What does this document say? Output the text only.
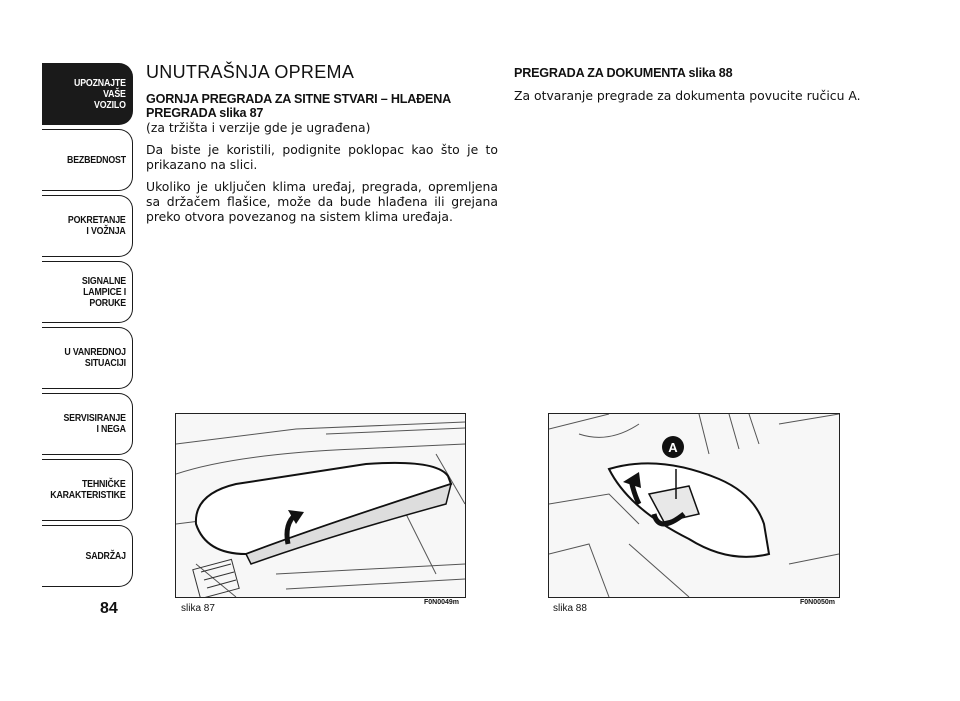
UPOZNAJTE
VAŠE
VOZILO
BEZBEDNOST
POKRETANJE
I VOŽNJA
SIGNALNE
LAMPICE I PORUKE
U VANREDNOJ
SITUACIJI
SERVISIRANJE
I NEGA
TEHNIČKE
KARAKTERISTIKE
SADRŽAJ
84
UNUTRAŠNJA OPREMA
GORNJA PREGRADA ZA SITNE STVARI – HLAĐENA PREGRADA slika 87

(za tržišta i verzije gde je ugrađena)

Da biste je koristili, podignite poklopac kao što je to prikazano na slici.

Ukoliko je uključen klima uređaj, pregrada, opremljena sa držačem flašice, može da bude hlađena ili grejana preko otvora povezanog na sistem klima uređaja.

PREGRADA ZA DOKUMENTA slika 88

Za otvaranje pregrade za dokumenta povucite ručicu A.

slika 87
F0N0049m
A
slika 88
F0N0050m
